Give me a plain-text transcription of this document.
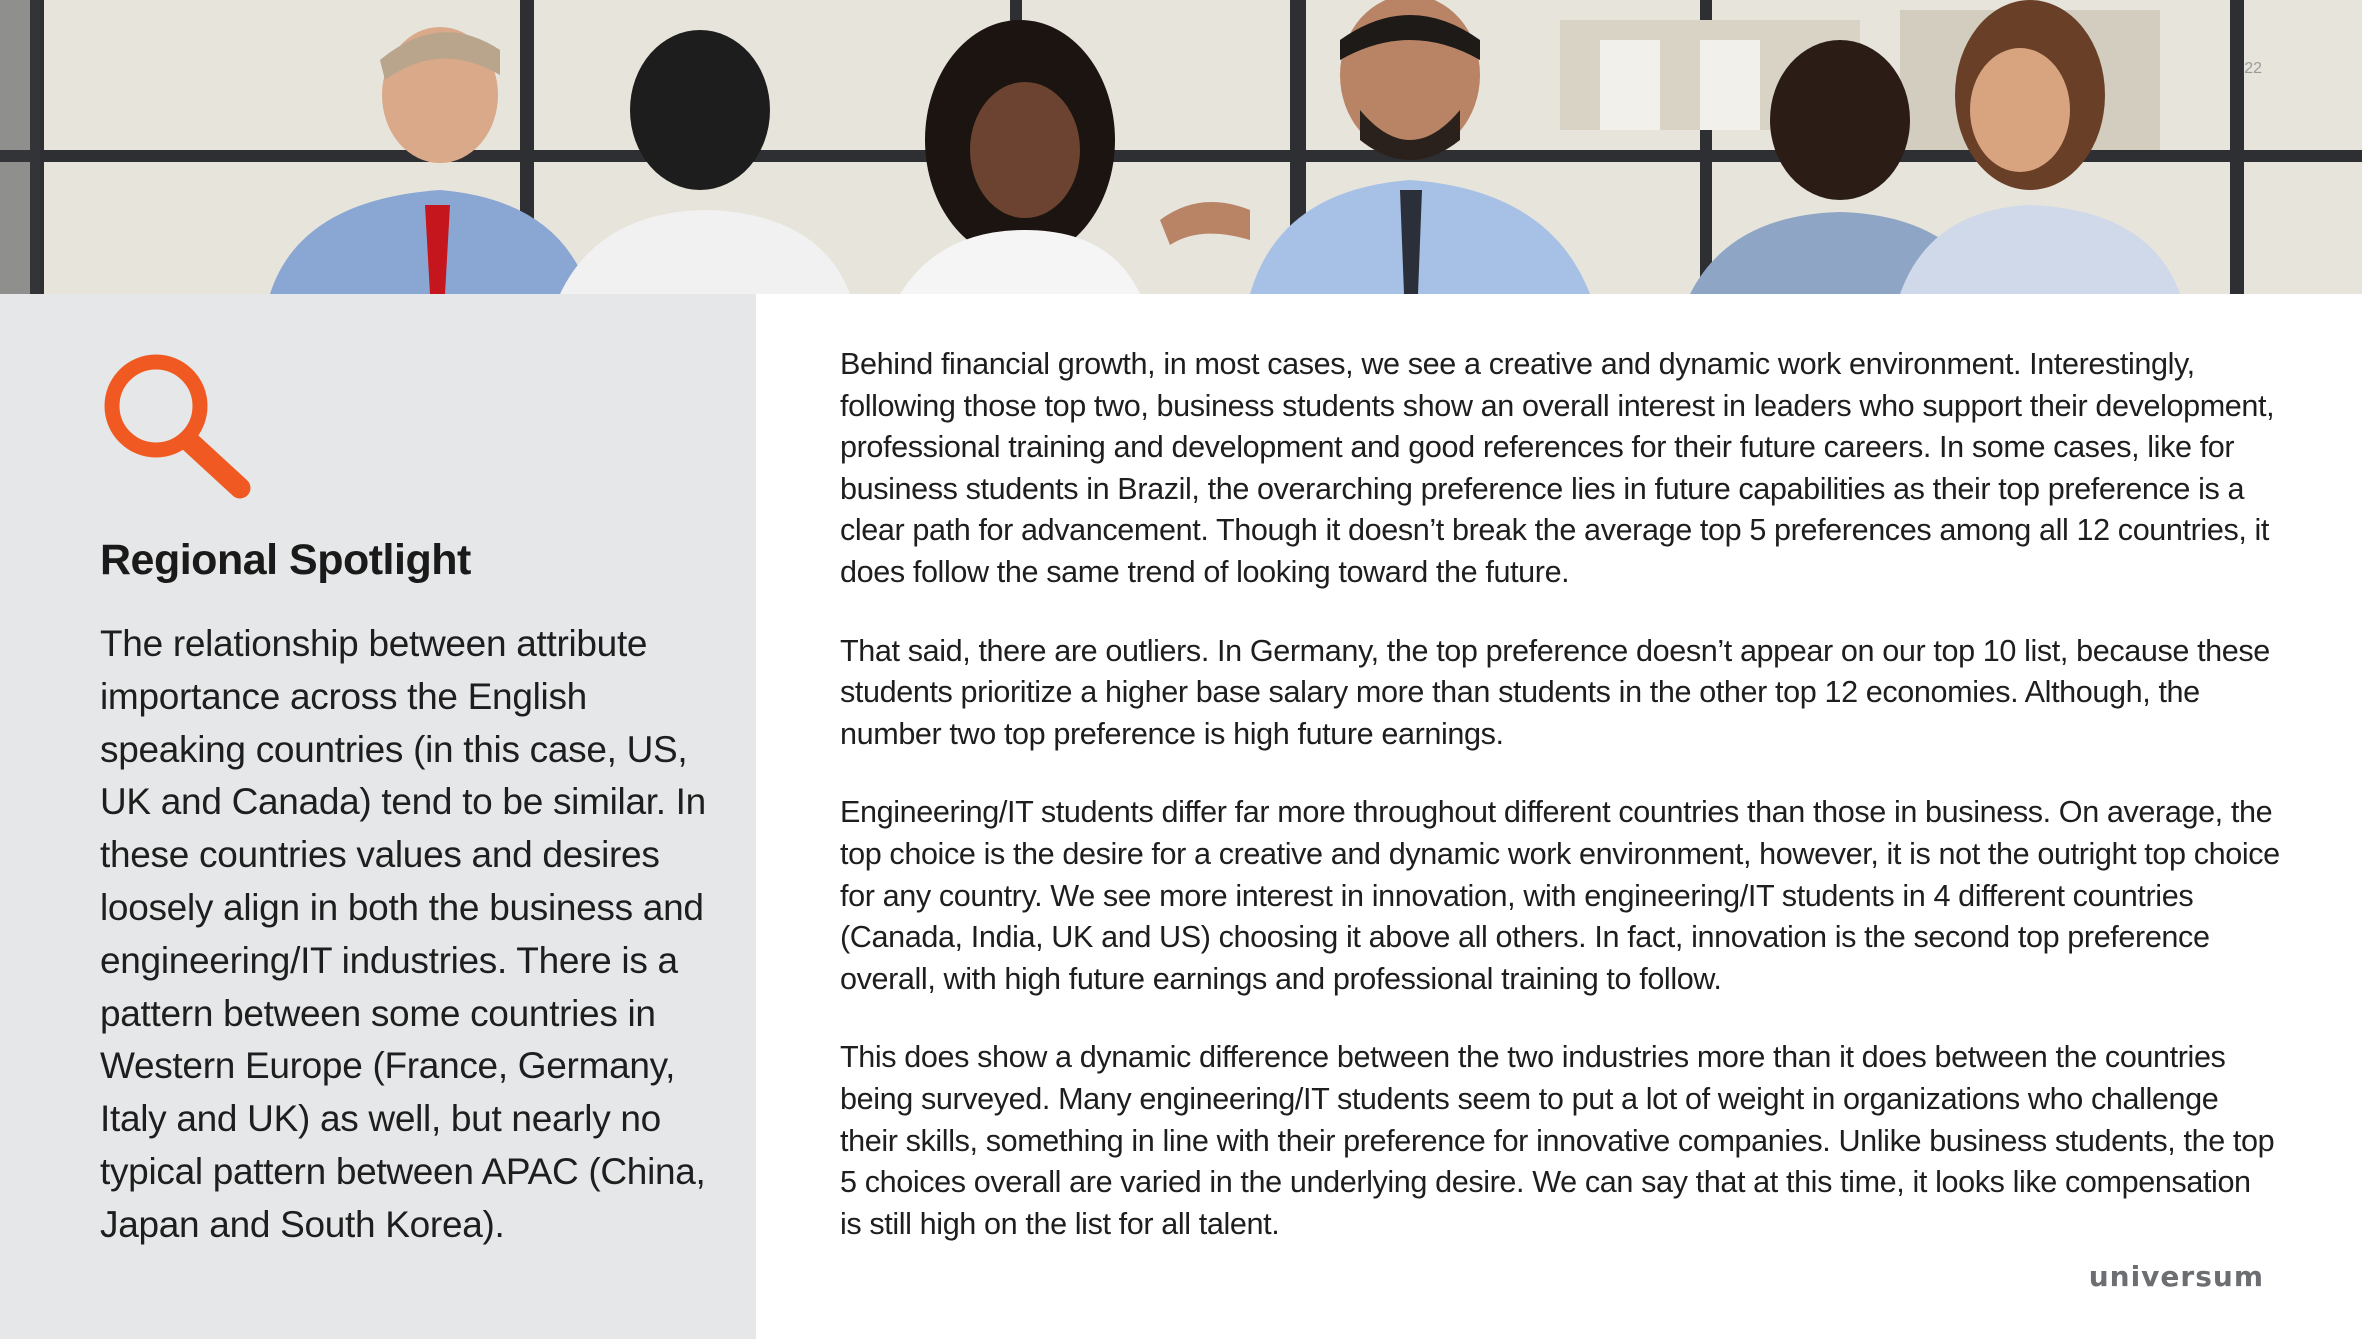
22
Regional Spotlight

The relationship between attribute importance across the English speaking countries (in this case, US, UK and Canada) tend to be similar. In these countries values and desires loosely align in both the business and engineering/IT industries. There is a pattern between some countries in Western Europe (France, Germany, Italy and UK) as well, but nearly no typical pattern between APAC (China, Japan and South Korea).

Behind financial growth, in most cases, we see a creative and dynamic work environment. Interestingly, following those top two, business students show an overall interest in leaders who support their development, professional training and development and good references for their future careers. In some cases, like for business students in Brazil, the overarching preference lies in future capabilities as their top preference is a clear path for advancement. Though it doesn’t break the average top 5 preferences among all 12 countries, it does follow the same trend of looking toward the future.

That said, there are outliers. In Germany, the top preference doesn’t appear on our top 10 list, because these students prioritize a higher base salary more than students in the other top 12 economies. Although, the number two top preference is high future earnings.

Engineering/IT students differ far more throughout different countries than those in business. On average, the top choice is the desire for a creative and dynamic work environment, however, it is not the outright top choice for any country. We see more interest in innovation, with engineering/IT students in 4 different countries (Canada, India, UK and US) choosing it above all others. In fact, innovation is the second top preference overall, with high future earnings and professional training to follow.

This does show a dynamic difference between the two industries more than it does between the countries being surveyed. Many engineering/IT students seem to put a lot of weight in organizations who challenge their skills, something in line with their preference for innovative companies. Unlike business students, the top 5 choices overall are varied in the underlying desire. We can say that at this time, it looks like compensation is still high on the list for all talent.

universum
